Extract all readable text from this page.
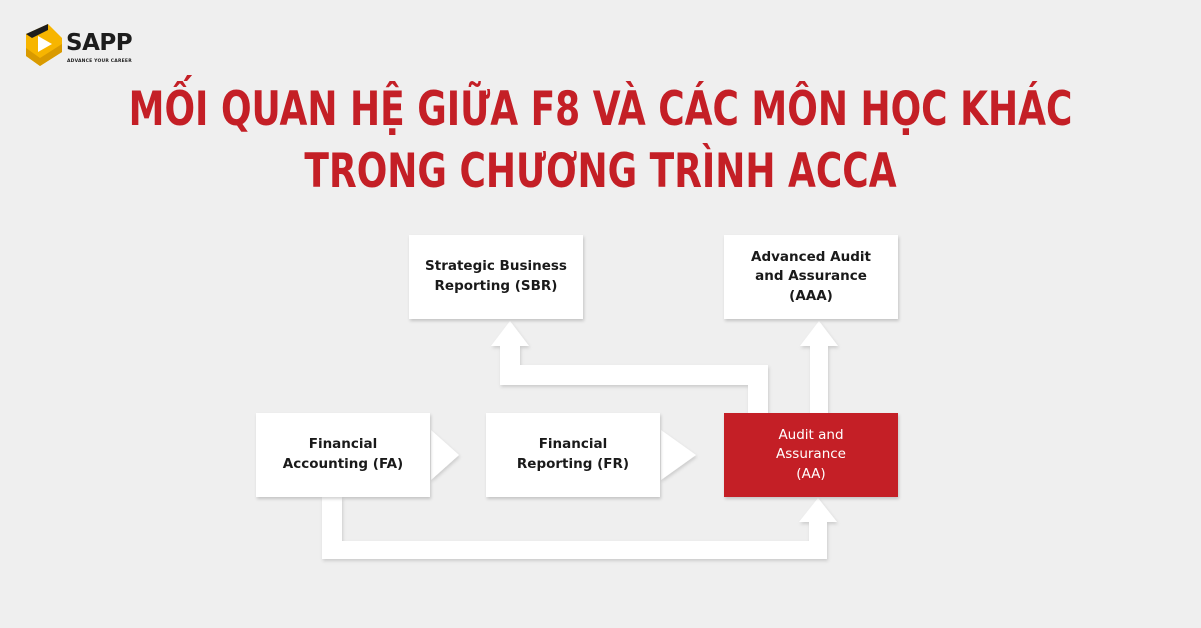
SAPP
ADVANCE YOUR CAREER
MỐI QUAN HỆ GIỮA F8 VÀ CÁC MÔN HỌC KHÁC
TRONG CHƯƠNG TRÌNH ACCA
Strategic Business
Reporting (SBR)
Advanced Audit
and Assurance
(AAA)
Financial
Accounting (FA)
Financial
Reporting (FR)
Audit and
Assurance
(AA)
